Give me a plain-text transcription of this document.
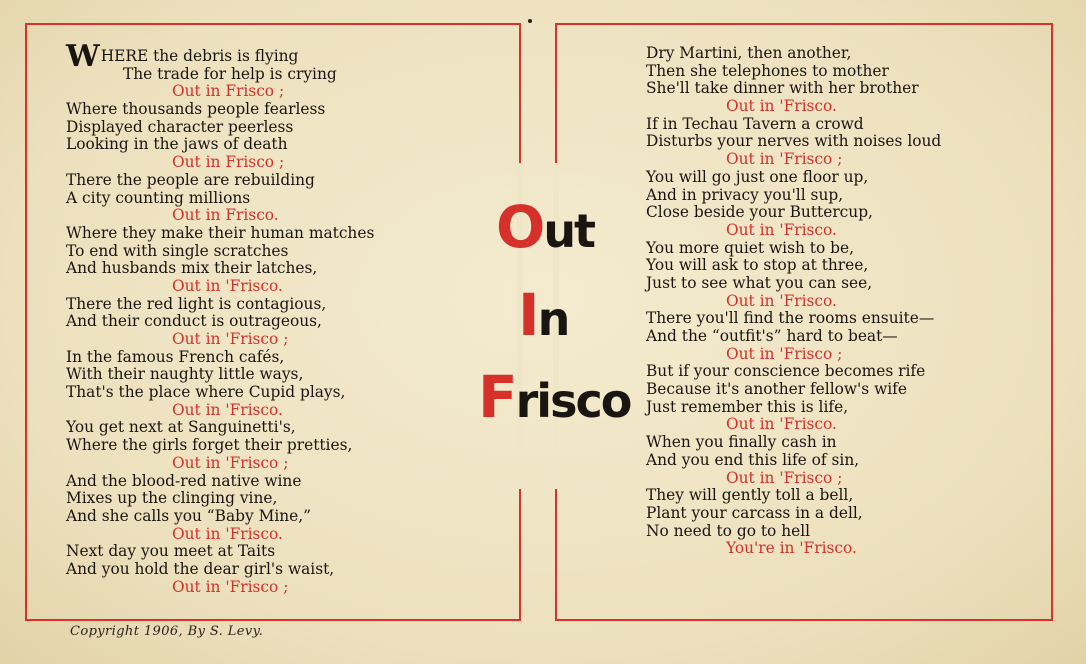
WHERE the debris is flying
The trade for help is crying
Out in Frisco ;
Where thousands people fearless
Displayed character peerless
Looking in the jaws of death
Out in Frisco ;
There the people are rebuilding
A city counting millions
Out in Frisco.
Where they make their human matches
To end with single scratches
And husbands mix their latches,
Out in 'Frisco.
There the red light is contagious,
And their conduct is outrageous,
Out in 'Frisco ;
In the famous French cafés,
With their naughty little ways,
That's the place where Cupid plays,
Out in 'Frisco.
You get next at Sanguinetti's,
Where the girls forget their pretties,
Out in 'Frisco ;
And the blood-red native wine
Mixes up the clinging vine,
And she calls you “Baby Mine,”
Out in 'Frisco.
Next day you meet at Taits
And you hold the dear girl's waist,
Out in 'Frisco ;
Dry Martini, then another,
Then she telephones to mother
She'll take dinner with her brother
Out in 'Frisco.
If in Techau Tavern a crowd
Disturbs your nerves with noises loud
Out in 'Frisco ;
You will go just one floor up,
And in privacy you'll sup,
Close beside your Buttercup,
Out in 'Frisco.
You more quiet wish to be,
You will ask to stop at three,
Just to see what you can see,
Out in 'Frisco.
There you'll find the rooms ensuite—
And the “outfit's” hard to beat—
Out in 'Frisco ;
But if your conscience becomes rife
Because it's another fellow's wife
Just remember this is life,
Out in 'Frisco.
When you finally cash in
And you end this life of sin,
Out in 'Frisco ;
They will gently toll a bell,
Plant your carcass in a dell,
No need to go to hell
You're in 'Frisco.
Out
In
Frisco
Copyright 1906, By S. Levy.
